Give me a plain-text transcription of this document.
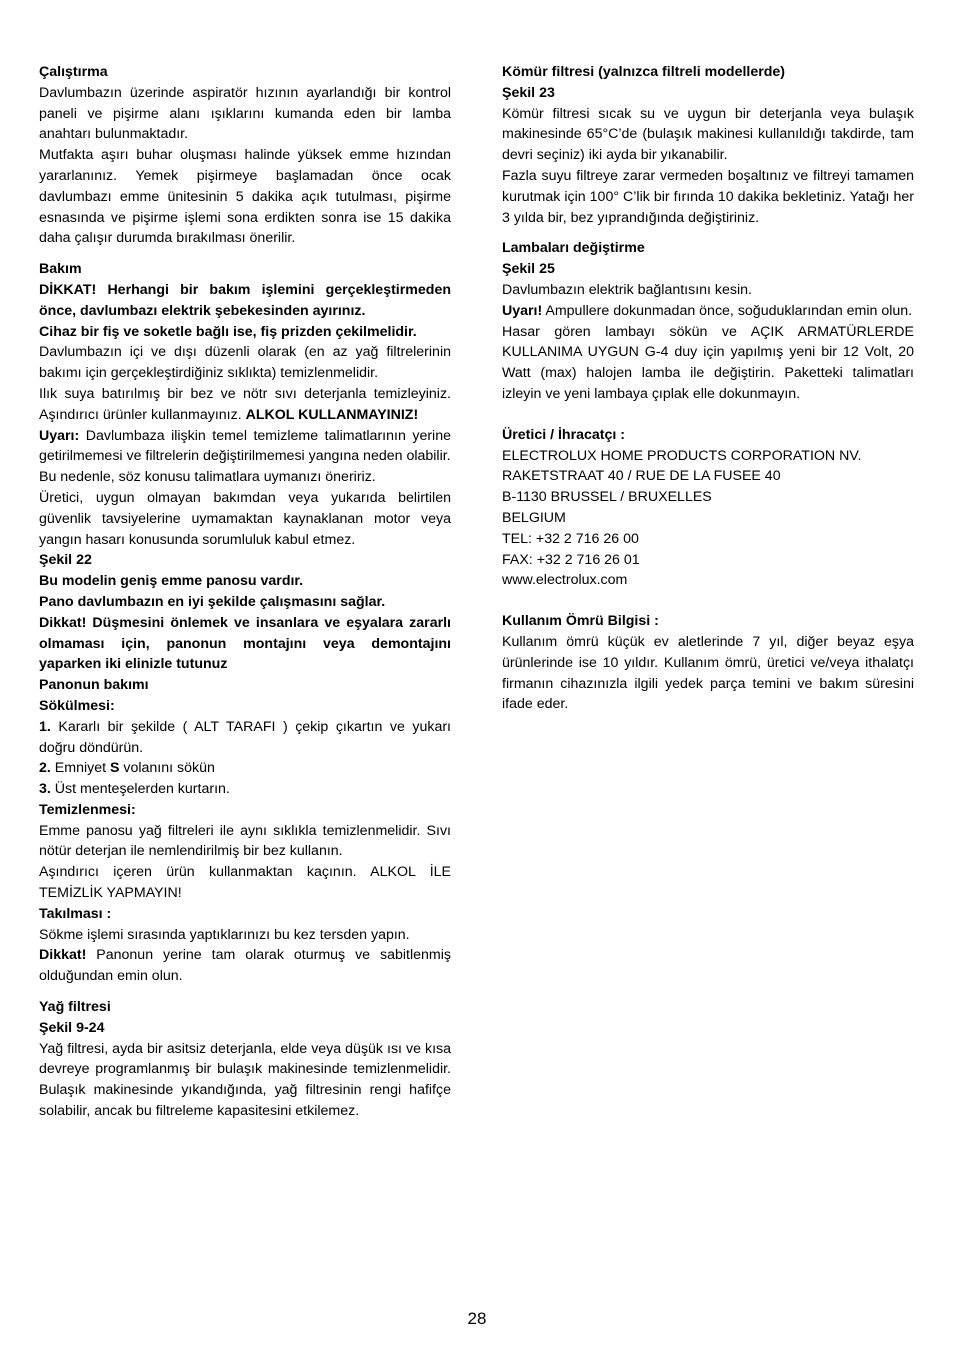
Çalıştırma

Davlumbazın üzerinde aspiratör hızının ayarlandığı bir kontrol paneli ve pişirme alanı ışıklarını kumanda eden bir lamba anahtarı bulunmaktadır.

Mutfakta aşırı buhar oluşması halinde yüksek emme hızından yararlanınız. Yemek pişirmeye başlamadan önce ocak davlumbazı emme ünitesinin 5 dakika açık tutulması, pişirme esnasında ve pişirme işlemi sona erdikten sonra ise 15 dakika daha çalışır durumda bırakılması önerilir.

Bakım

DİKKAT! Herhangi bir bakım işlemini gerçekleştirmeden önce, davlumbazı elektrik şebekesinden ayırınız.

Cihaz bir fiş ve soketle bağlı ise, fiş prizden çekilmelidir.

Davlumbazın içi ve dışı düzenli olarak (en az yağ filtrelerinin bakımı için gerçekleştirdiğiniz sıklıkta) temizlenmelidir.

Ilık suya batırılmış bir bez ve nötr sıvı deterjanla temizleyiniz. Aşındırıcı ürünler kullanmayınız. ALKOL KULLANMAYINIZ!

Uyarı: Davlumbaza ilişkin temel temizleme talimatlarının yerine getirilmemesi ve filtrelerin değiştirilmemesi yangına neden olabilir.

Bu nedenle, söz konusu talimatlara uymanızı öneririz.

Üretici, uygun olmayan bakımdan veya yukarıda belirtilen güvenlik tavsiyelerine uymamaktan kaynaklanan motor veya yangın hasarı konusunda sorumluluk kabul etmez.

Şekil 22

Bu modelin geniş emme panosu vardır.

Pano davlumbazın en iyi şekilde çalışmasını sağlar.

Dikkat! Düşmesini önlemek ve insanlara ve eşyalara zararlı olmaması için, panonun montajını veya demontajını yaparken iki elinizle tutunuz

Panonun bakımı

Sökülmesi:

1. Kararlı bir şekilde ( ALT TARAFI ) çekip çıkartın ve yukarı doğru döndürün.

2. Emniyet S volanını sökün

3. Üst menteşelerden kurtarın.

Temizlenmesi:

Emme panosu yağ filtreleri ile aynı sıklıkla temizlenmelidir. Sıvı nötür deterjan ile nemlendirilmiş bir bez kullanın.

Aşındırıcı içeren ürün kullanmaktan kaçının. ALKOL İLE TEMİZLİK YAPMAYIN!

Takılması :

Sökme işlemi sırasında yaptıklarınızı bu kez tersden yapın.

Dikkat! Panonun yerine tam olarak oturmuş ve sabitlenmiş olduğundan emin olun.

Yağ filtresi

Şekil 9-24

Yağ filtresi, ayda bir asitsiz deterjanla, elde veya düşük ısı ve kısa devreye programlanmış bir bulaşık makinesinde temizlenmelidir. Bulaşık makinesinde yıkandığında, yağ filtresinin rengi hafifçe solabilir, ancak bu filtreleme kapasitesini etkilemez.

Kömür filtresi (yalnızca filtreli modellerde)

Şekil 23

Kömür filtresi sıcak su ve uygun bir deterjanla veya bulaşık makinesinde 65°C’de (bulaşık makinesi kullanıldığı takdirde, tam devri seçiniz) iki ayda bir yıkanabilir.

Fazla suyu filtreye zarar vermeden boşaltınız ve filtreyi tamamen kurutmak için 100° C’lik bir fırında 10 dakika bekletiniz. Yatağı her 3 yılda bir, bez yıprandığında değiştiriniz.

Lambaları değiştirme

Şekil 25

Davlumbazın elektrik bağlantısını kesin.

Uyarı! Ampullere dokunmadan önce, soğuduklarından emin olun.

Hasar gören lambayı sökün ve AÇIK ARMATÜRLERDE KULLANIMA UYGUN G-4 duy için yapılmış yeni bir 12 Volt, 20 Watt (max) halojen lamba ile değiştirin. Paketteki talimatları izleyin ve yeni lambaya çıplak elle dokunmayın.

Üretici / İhracatçı :

ELECTROLUX HOME PRODUCTS CORPORATION NV.

RAKETSTRAAT 40 / RUE DE LA FUSEE 40

B-1130 BRUSSEL / BRUXELLES

BELGIUM

TEL: +32 2 716 26 00

FAX: +32 2 716 26 01

www.electrolux.com

Kullanım Ömrü Bilgisi :

Kullanım ömrü küçük ev aletlerinde 7 yıl, diğer beyaz eşya ürünlerinde ise 10 yıldır. Kullanım ömrü, üretici ve/veya ithalatçı firmanın cihazınızla ilgili yedek parça temini ve bakım süresini ifade eder.

28
